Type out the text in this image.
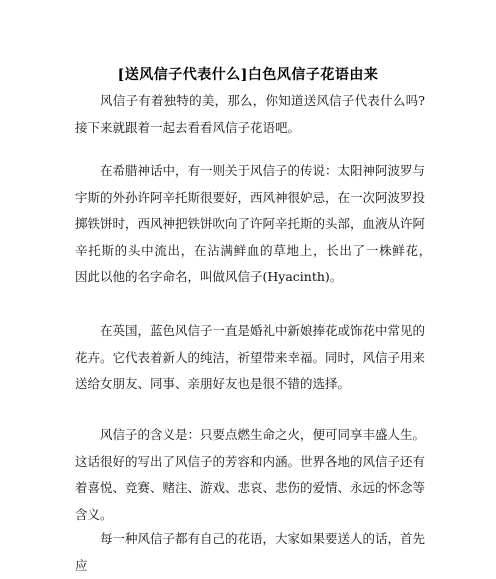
[送风信子代表什么]白色风信子花语由来

风信子有着独特的美，那么，你知道送风信子代表什么吗?接下来就跟着一起去看看风信子花语吧。

在希腊神话中，有一则关于风信子的传说：太阳神阿波罗与宇斯的外孙许阿辛托斯很要好，西风神很妒忌，在一次阿波罗投掷铁饼时，西风神把铁饼吹向了许阿辛托斯的头部，血液从许阿辛托斯的头中流出，在沾满鲜血的草地上，长出了一株鲜花，　因此以他的名字命名，叫做风信子(Hyacinth)。

在英国，蓝色风信子一直是婚礼中新娘捧花或饰花中常见的花卉。它代表着新人的纯洁，祈望带来幸福。同时，风信子用来送给女朋友、同事、亲朋好友也是很不错的选择。

风信子的含义是：只要点燃生命之火，便可同享丰盛人生。这话很好的写出了风信子的芳容和内涵。世界各地的风信子还有着喜悦、竞赛、赌注、游戏、悲哀、悲伤的爱情、永远的怀念等含义。

每一种风信子都有自己的花语，大家如果要送人的话，首先应
